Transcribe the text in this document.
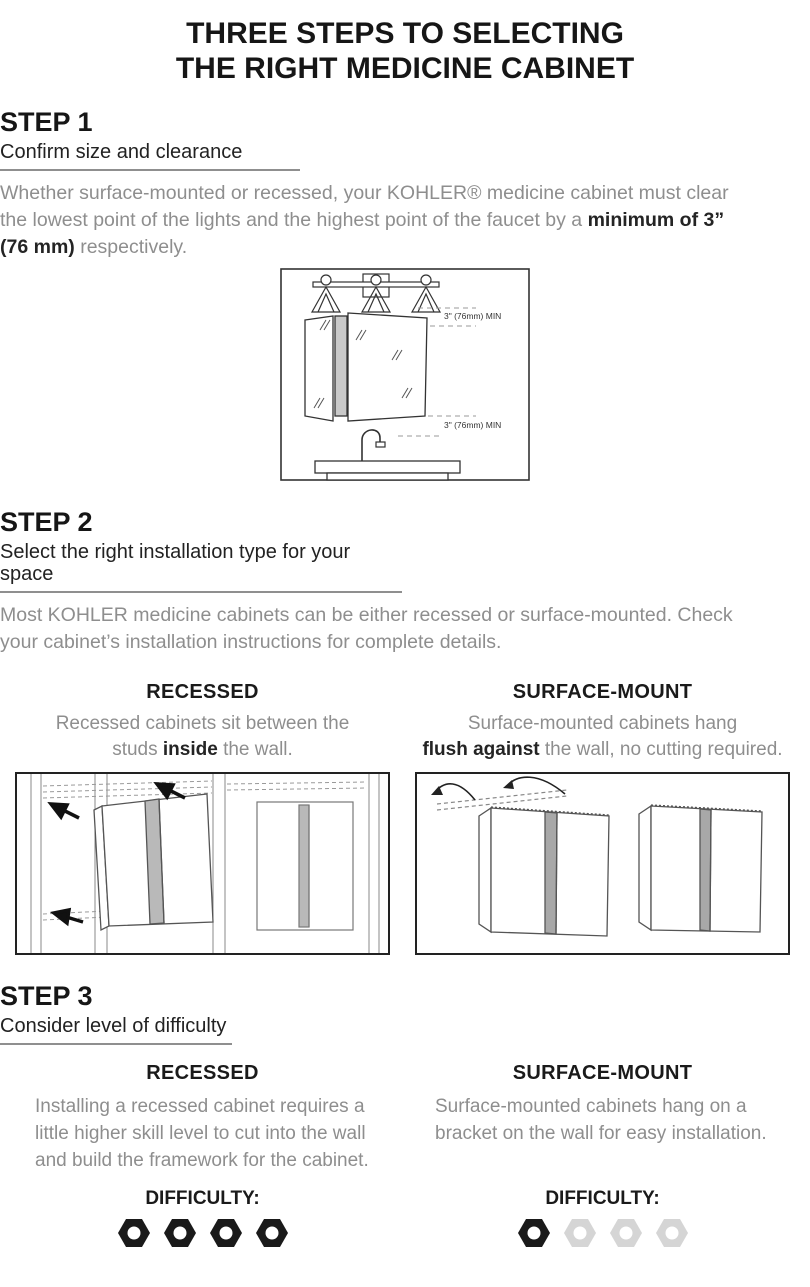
THREE STEPS TO SELECTING
THE RIGHT MEDICINE CABINET
STEP 1
Confirm size and clearance

Whether surface-mounted or recessed, your KOHLER® medicine cabinet must clear the lowest point of the lights and the highest point of the faucet by a minimum of 3” (76 mm) respectively.

3" (76mm) MIN
3" (76mm) MIN
STEP 2
Select the right installation type for your space

Most KOHLER medicine cabinets can be either recessed or surface-mounted. Check your cabinet’s installation instructions for complete details.

RECESSED

Recessed cabinets sit between the
studs inside the wall.

SURFACE-MOUNT

Surface-mounted cabinets hang
flush against the wall, no cutting required.

STEP 3
Consider level of difficulty
RECESSED

Installing a recessed cabinet requires a little higher skill level to cut into the wall and build the framework for the cabinet.

DIFFICULTY:
SURFACE-MOUNT

Surface-mounted cabinets hang on a bracket on the wall for easy installation.

DIFFICULTY:
